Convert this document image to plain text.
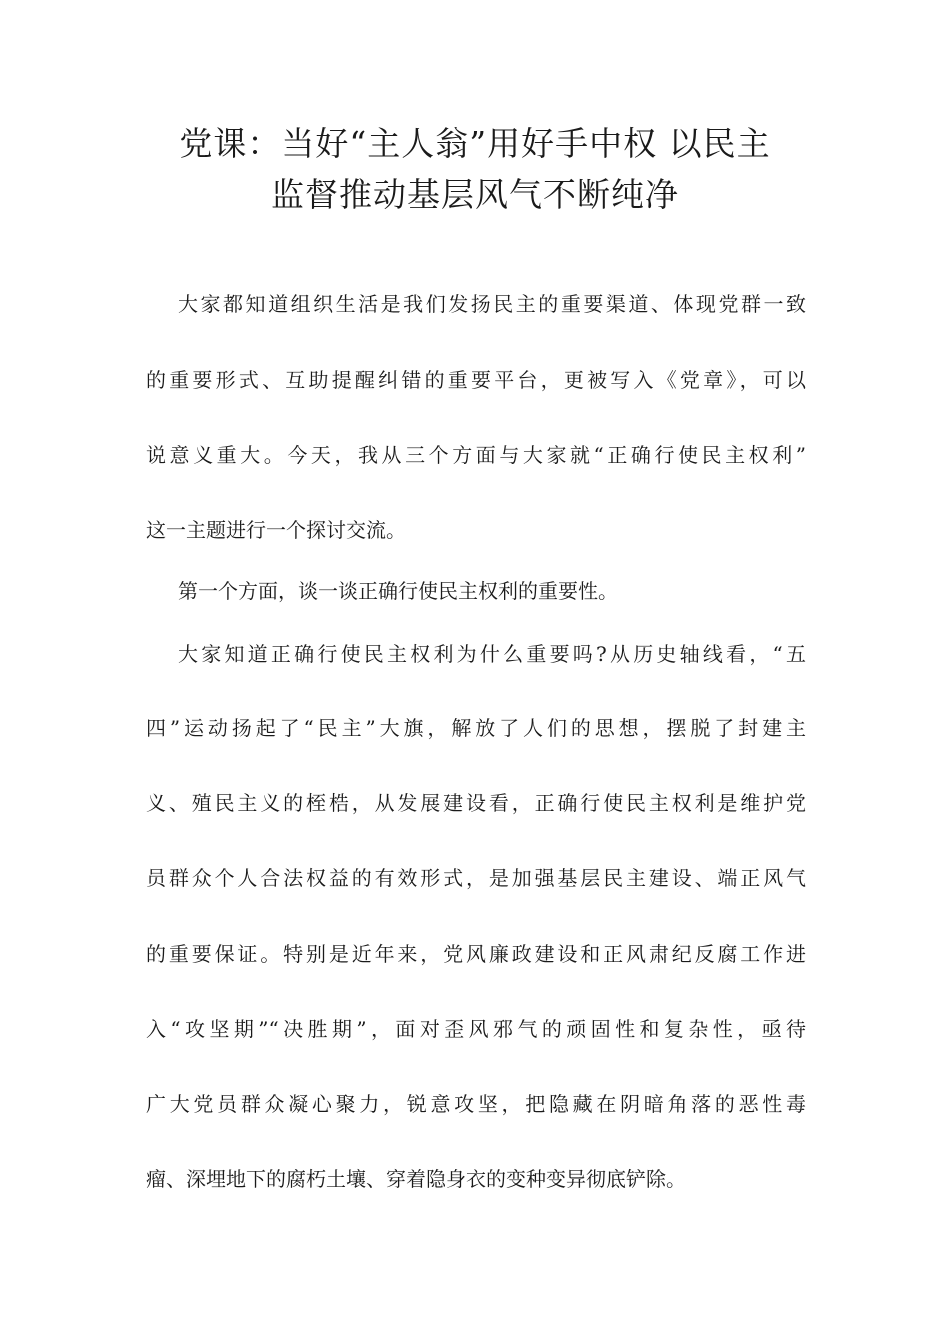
党课：当好“主人翁”用好手中权 以民主
监督推动基层风气不断纯净
大家都知道组织生活是我们发扬民主的重要渠道、体现党群一致
的重要形式、互助提醒纠错的重要平台，更被写入《党章》，可以
说意义重大。今天，我从三个方面与大家就“正确行使民主权利”
这一主题进行一个探讨交流。
第一个方面，谈一谈正确行使民主权利的重要性。
大家知道正确行使民主权利为什么重要吗?从历史轴线看，“五
四”运动扬起了“民主”大旗，解放了人们的思想，摆脱了封建主
义、殖民主义的桎梏，从发展建设看，正确行使民主权利是维护党
员群众个人合法权益的有效形式，是加强基层民主建设、端正风气
的重要保证。特别是近年来，党风廉政建设和正风肃纪反腐工作进
入“攻坚期”“决胜期”，面对歪风邪气的顽固性和复杂性，亟待
广大党员群众凝心聚力，锐意攻坚，把隐藏在阴暗角落的恶性毒
瘤、深埋地下的腐朽土壤、穿着隐身衣的变种变异彻底铲除。
